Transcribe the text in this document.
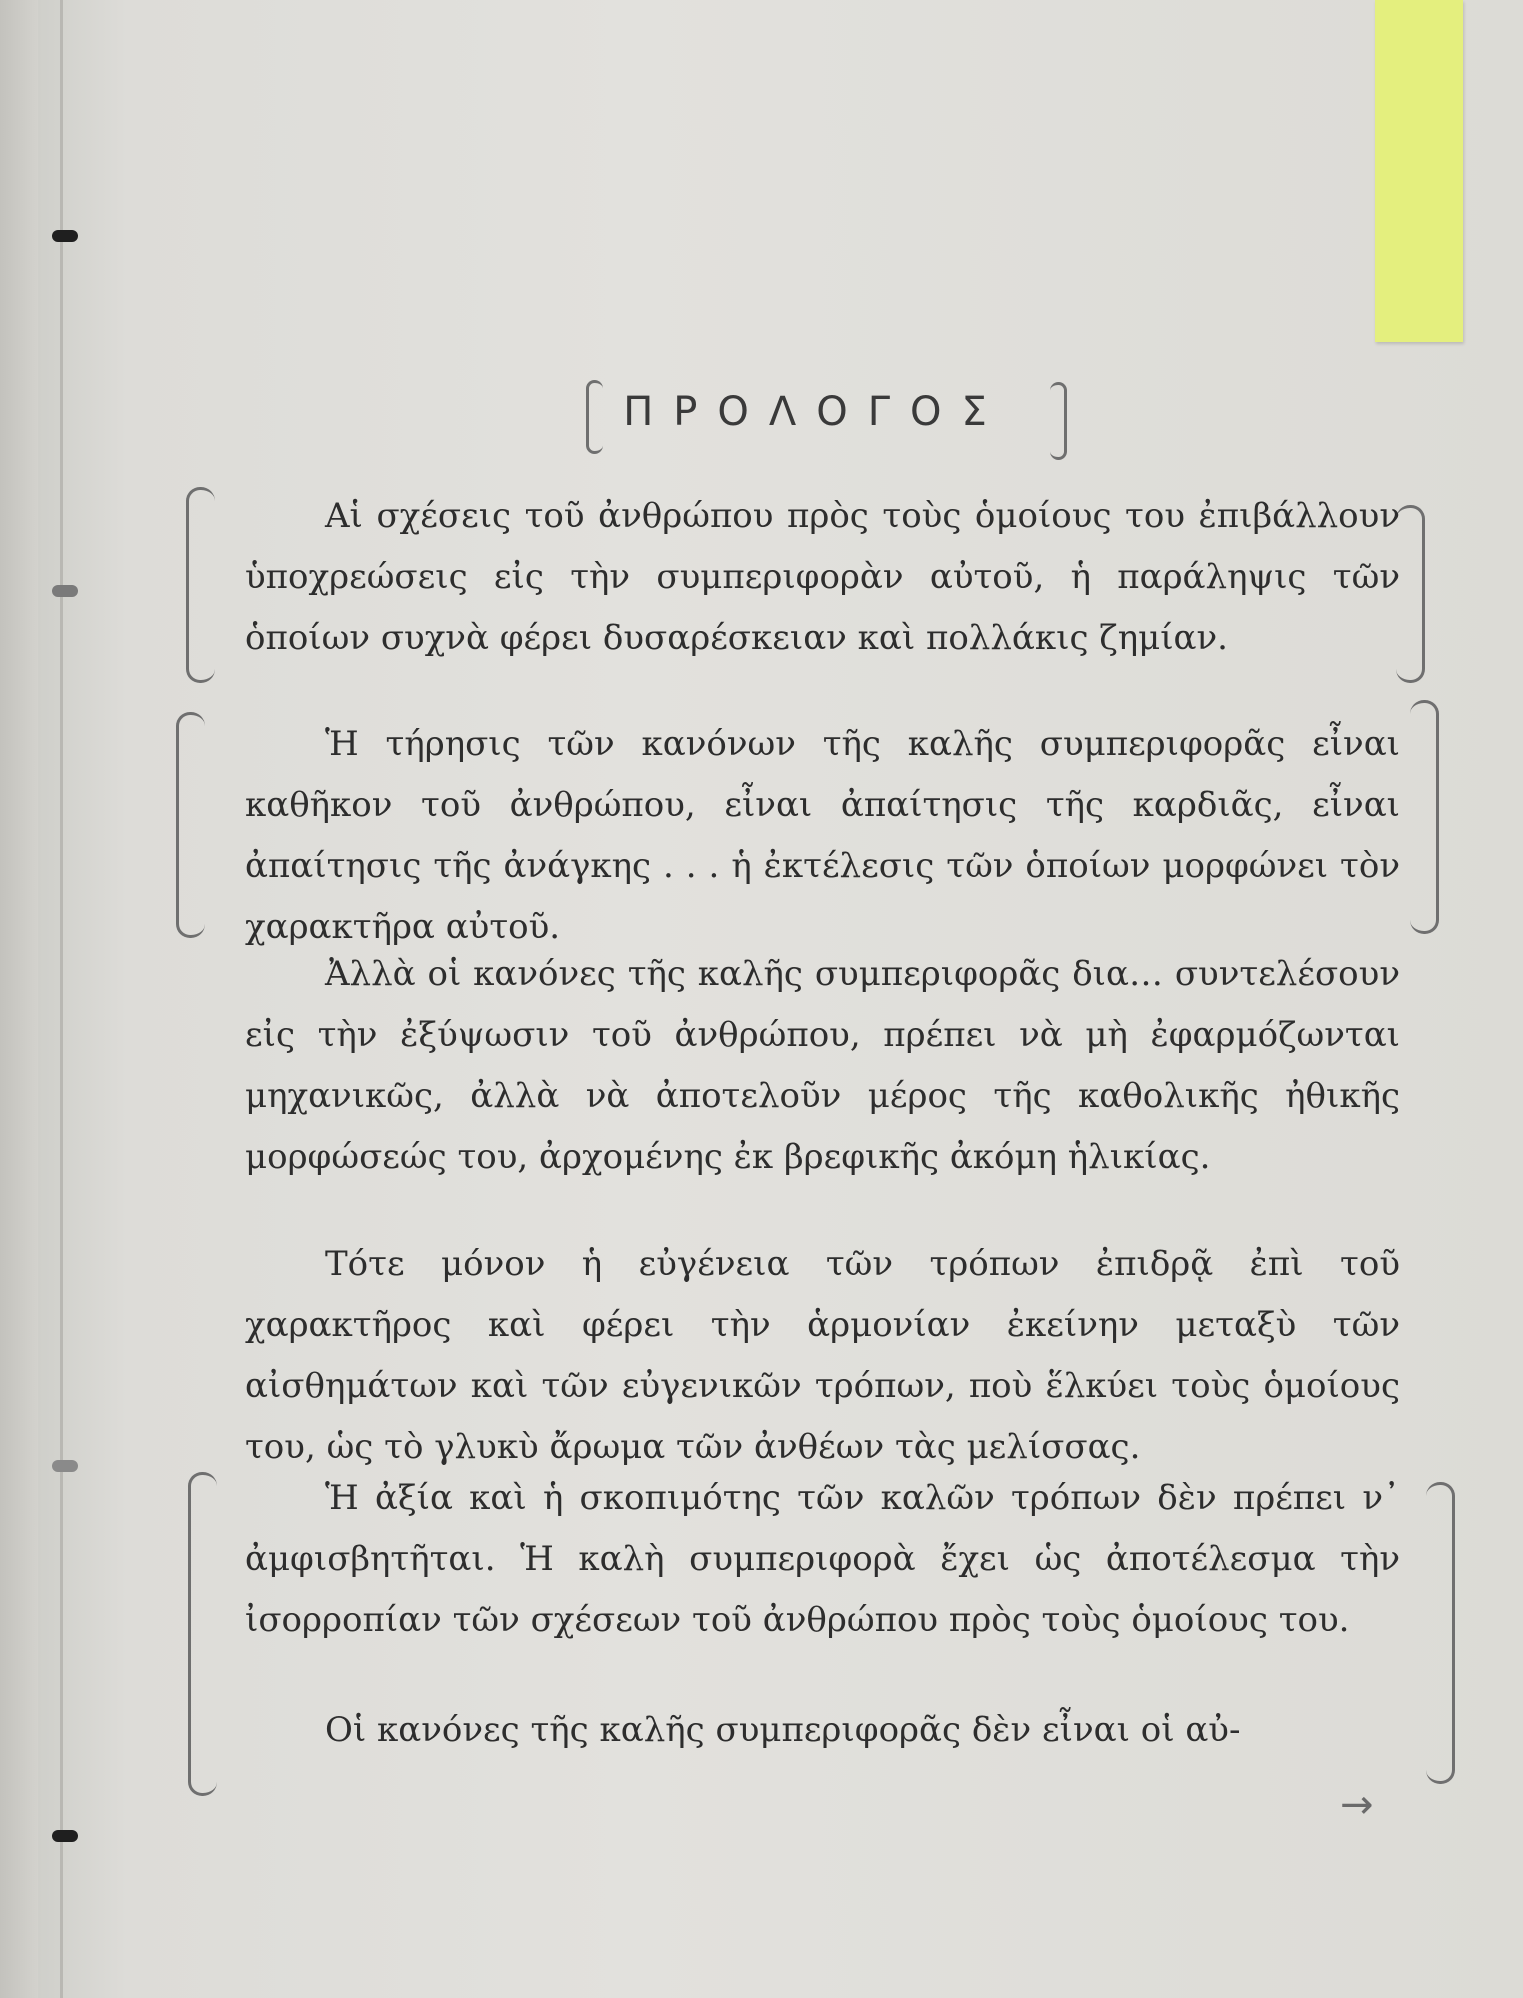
ΠΡΟΛΟΓΟΣ

Αἱ σχέσεις τοῦ ἀνθρώπου πρὸς τοὺς ὁμοίους του ἐπιβάλλουν ὑποχρεώσεις εἰς τὴν συμπεριφορὰν αὐτοῦ, ἡ παράληψις τῶν ὁποίων συχνὰ φέρει δυσαρέσκειαν καὶ πολλάκις ζημίαν.

Ἡ τήρησις τῶν κανόνων τῆς καλῆς συμπεριφορᾶς εἶναι καθῆκον τοῦ ἀνθρώπου, εἶναι ἀπαίτησις τῆς καρδιᾶς, εἶναι ἀπαίτησις τῆς ἀνάγκης . . . ἡ ἐκτέλεσις τῶν ὁποίων μορφώνει τὸν χαρακτῆρα αὐτοῦ.

Ἀλλὰ οἱ κανόνες τῆς καλῆς συμπεριφορᾶς δια… συντελέσουν εἰς τὴν ἐξύψωσιν τοῦ ἀνθρώπου, πρέπει νὰ μὴ ἐφαρμόζωνται μηχανικῶς, ἀλλὰ νὰ ἀποτελοῦν μέρος τῆς καθολικῆς ἠθικῆς μορφώσεώς του, ἀρχομένης ἐκ βρεφικῆς ἀκόμη ἡλικίας.

Τότε μόνον ἡ εὐγένεια τῶν τρόπων ἐπιδρᾷ ἐπὶ τοῦ χαρακτῆρος καὶ φέρει τὴν ἁρμονίαν ἐκείνην μεταξὺ τῶν αἰσθημάτων καὶ τῶν εὐγενικῶν τρόπων, ποὺ ἕλκύει τοὺς ὁμοίους του, ὡς τὸ γλυκὺ ἄρωμα τῶν ἀνθέων τὰς μελίσσας.

Ἡ ἀξία καὶ ἡ σκοπιμότης τῶν καλῶν τρόπων δὲν πρέπει ν᾽ ἀμφισβητῆται. Ἡ καλὴ συμπεριφορὰ ἔχει ὡς ἀποτέλεσμα τὴν ἰσορροπίαν τῶν σχέσεων τοῦ ἀνθρώπου πρὸς τοὺς ὁμοίους του.

Οἱ κανόνες τῆς καλῆς συμπεριφορᾶς δὲν εἶναι οἱ αὐ-

→
